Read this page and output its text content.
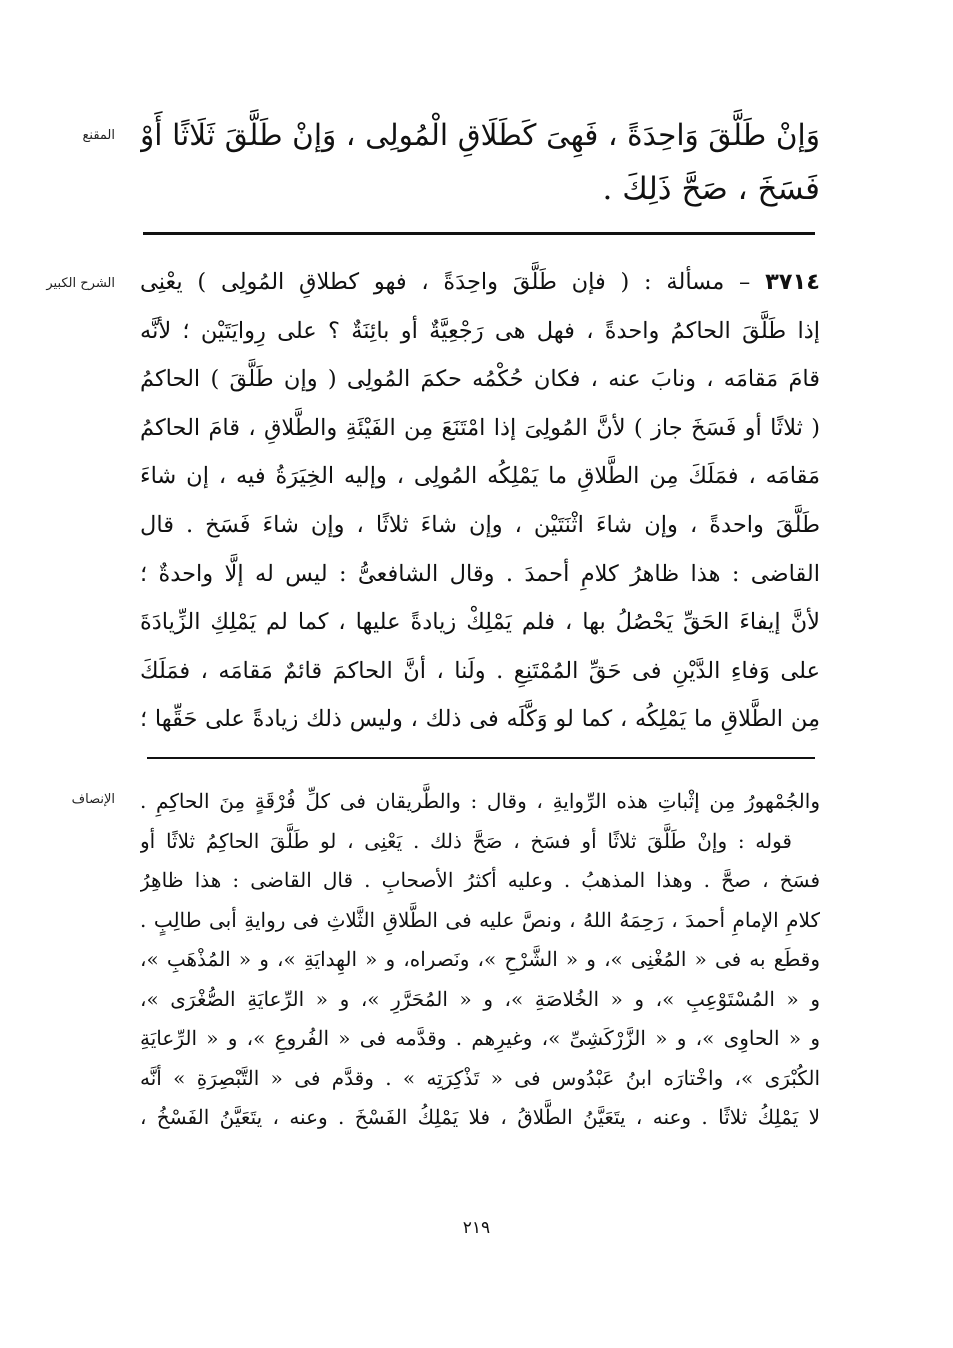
المقنع وَإنْ طَلَّقَ وَاحِدَةً ، فَهِىَ كَطَلَاقِ الْمُولِى ، وَإنْ طَلَّقَ ثَلَاثًا أَوْ
فَسَخَ ، صَحَّ ذَلِكَ .
الشرح الكبير	٣٧١٤ – مسألة : ( فإن طَلَّقَ واحِدَةً ، فهو كطلاقِ المُولِى ) يعْنِى
إذا طَلَّقَ الحاكمُ واحدةً ، فهل هى رَجْعِيَّةٌ أو بائِنَةٌ ؟ على رِوايَتَيْن ؛ لأنَّه
قامَ مَقامَه ، ونابَ عنه ، فكان حُكْمُه حكمَ المُولِى ( وإن طَلَّقَ ) الحاكمُ
( ثلاثًا أو فَسَخَ جاز ) لأنَّ المُولِىَ إذا امْتَنَعَ مِن الفَيْئَةِ والطَّلاقِ ، قامَ الحاكمُ
مَقامَه ، فمَلَكَ مِن الطَّلاقِ ما يَمْلِكُه المُولِى ، وإليه الخِيَرَةُ فيه ، إن شاءَ
طَلَّقَ واحدةً ، وإن شاءَ اثْنَتَيْن ، وإن شاءَ ثلاثًا ، وإن شاءَ فَسَخ . قال
القاضى : هذا ظاهرُ كلامِ أحمدَ . وقال الشافعىُّ : ليس له إلَّا واحدةٌ ؛
لأنَّ إيفاءَ الحَقِّ يَحْصُلُ بها ، فلم يَمْلِكْ زيادةً عليها ، كما لم يَمْلِكِ الزِّيادَةَ
على وَفاءِ الدَّيْنِ فى حَقِّ المُمْتَنِعِ . ولَنا ، أنَّ الحاكمَ قائمٌ مَقامَه ، فمَلَكَ
مِن الطَّلاقِ ما يَمْلِكُه ، كما لو وَكَّلَه فى ذلك ، وليس ذلك زيادةً على حَقِّها ؛
الإنصاف والجُمْهورُ مِن إثْباتِ هذه الرِّوايةِ ، وقال : والطَّريقان فى كلِّ فُرْقَةٍ مِنَ الحاكِمِ .
قوله : وإنْ طَلَّقَ ثلاثًا أو فسَخ ، صَحَّ ذلك . يَعْنِى ، لو طَلَّقَ الحاكِمُ ثلاثًا أو
فسَخ ، صحَّ . وهذا المذهبُ . وعليه أكثرُ الأصحابِ . قال القاضى : هذا ظاهِرُ
كلامِ الإمامِ أحمدَ ، رَحِمَهُ اللهُ ، ونصَّ عليه فى الطَّلاقِ الثَّلاثِ فى روايةِ أبى طالِبٍ .
وقطَع به فى « المُغْنِى »، و « الشَّرْحِ »، ونَصراه، و « الهِدايَةِ »، و « المُذْهَبِ »،
و « المُسْتَوْعِبِ »، و « الخُلاصَةِ »، و « المُحَرَّرِ »، و « الرِّعايَةِ الصُّغْرَى »،
و « الحاوِى »، و « الزَّرْكَشِىِّ »، وغيرِهم . وقدَّمه فى « الفُروعِ »، و « الرِّعايَةِ
الكُبْرَى »، واخْتارَه ابنُ عَبْدُوس فى « تَذْكِرَتِه » . وقدَّم فى « التَّبْصِرَةِ » أنَّه
لا يَمْلِكُ ثلاثًا . وعنه ، يتَعَيَّنُ الطَّلاقُ ، فلا يَمْلِكُ الفَسْخَ . وعنه ، يتَعَيَّنُ الفَسْخُ ،
٢١٩
